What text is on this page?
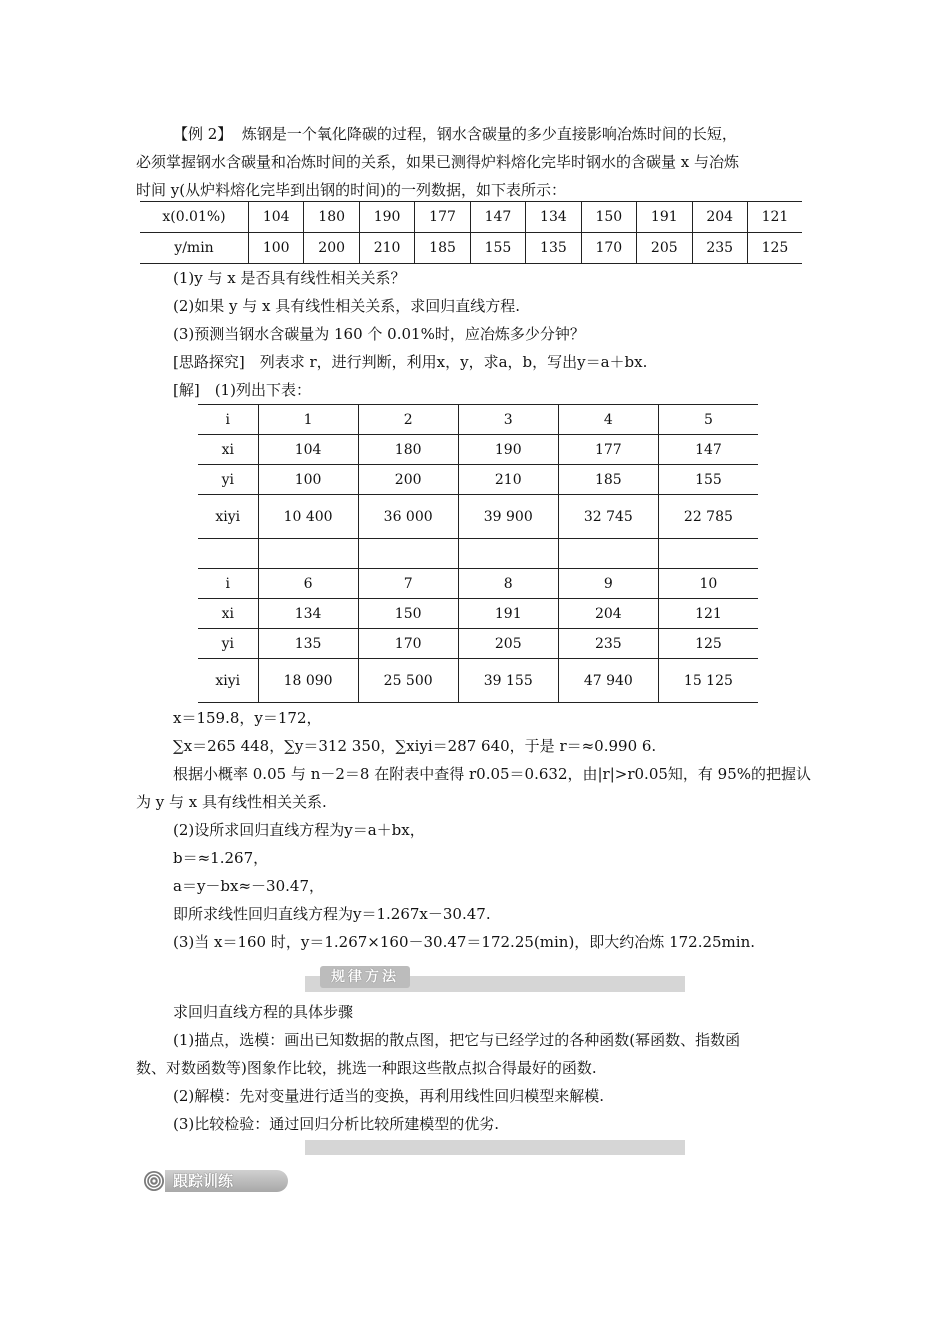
【例 2】 炼钢是一个氧化降碳的过程，钢水含碳量的多少直接影响冶炼时间的长短，
必须掌握钢水含碳量和冶炼时间的关系，如果已测得炉料熔化完毕时钢水的含碳量 x 与冶炼
时间 y(从炉料熔化完毕到出钢的时间)的一列数据，如下表所示：
x(0.01%)	104	180	190	177	147	134	150	191	204	121
y/min	100	200	210	185	155	135	170	205	235	125
(1)y 与 x 是否具有线性相关关系？
(2)如果 y 与 x 具有线性相关关系，求回归直线方程.
(3)预测当钢水含碳量为 160 个 0.01%时，应冶炼多少分钟？
[思路探究]　列表求 r，进行判断，利用x，y，求a，b，写出y＝a＋bx.
[解]　(1)列出下表：
i	1	2	3	4	5
xi	104	180	190	177	147
yi	100	200	210	185	155
xiyi	10 400	36 000	39 900	32 745	22 785

i	6	7	8	9	10
xi	134	150	191	204	121
yi	135	170	205	235	125
xiyi	18 090	25 500	39 155	47 940	15 125
x＝159.8，y＝172，
∑x＝265 448，∑y＝312 350，∑xiyi＝287 640，于是 r＝≈0.990 6.
根据小概率 0.05 与 n－2＝8 在附表中查得 r0.05＝0.632，由|r|>r0.05知，有 95%的把握认
为 y 与 x 具有线性相关关系.
(2)设所求回归直线方程为y＝a＋bx，
b＝≈1.267，
a＝y－bx≈－30.47，
即所求线性回归直线方程为y＝1.267x－30.47.
(3)当 x＝160 时，y＝1.267×160－30.47＝172.25(min)，即大约冶炼 172.25min.
规律方法
求回归直线方程的具体步骤
(1)描点，选模：画出已知数据的散点图，把它与已经学过的各种函数(幂函数、指数函
数、对数函数等)图象作比较，挑选一种跟这些散点拟合得最好的函数.
(2)解模：先对变量进行适当的变换，再利用线性回归模型来解模.
(3)比较检验：通过回归分析比较所建模型的优劣.
跟踪训练
